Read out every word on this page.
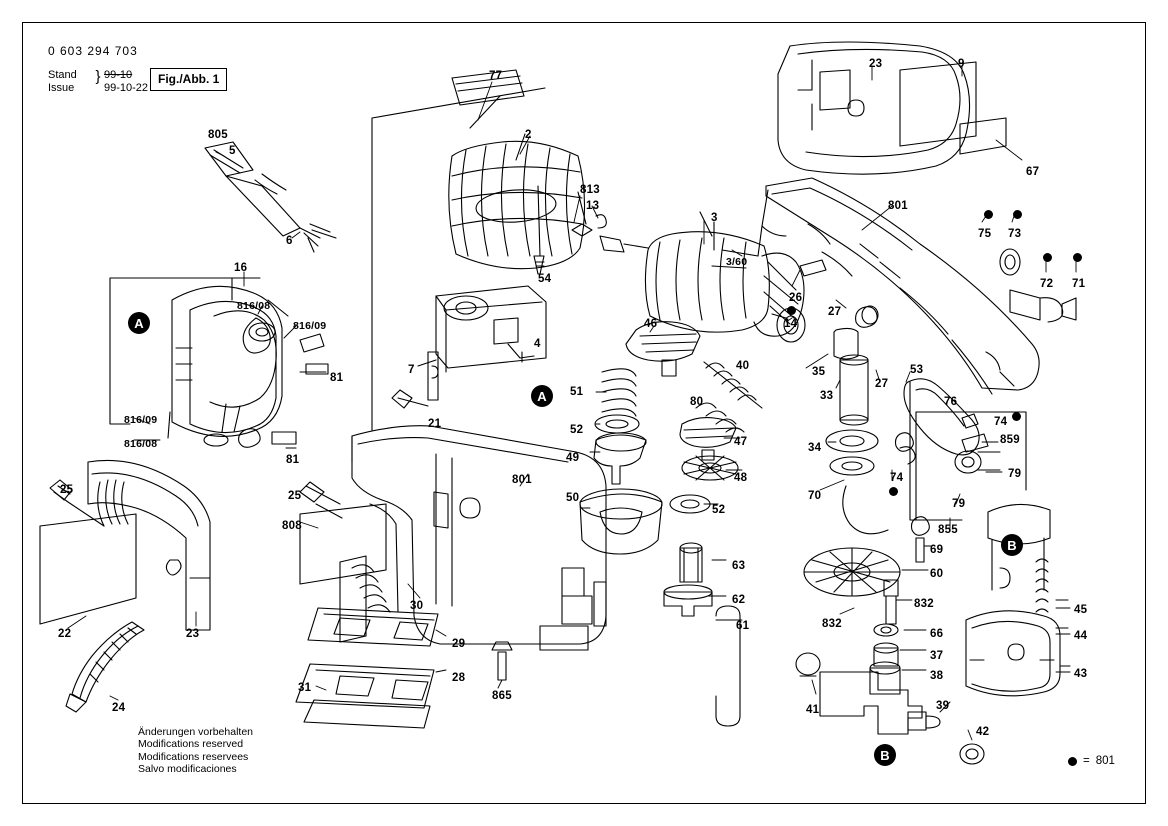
0 603 294 703
Stand
Issue
} 99-10
99-10-22
Fig./Abb. 1
Änderungen vorbehalten
Modifications reserved
Modifications reservees
Salvo modificaciones
= 801
805
5
6
77
2
813
13
54
3
3/60
23	9
67
801
75 73
72 71
26
27
14
46
35	53
33
27
76
74
40
80
34
859
79
74
70
79
855
16
816/08
816/09
81
816/09
816/08
81
7
4
21
51
52
49
50
47
48
52
25
22	23
24
25
808
801
30
29
28
31
865
63
62
61
69
60
832
832
66
37
38
41	39
42
45
44
43
A
A
B
B
